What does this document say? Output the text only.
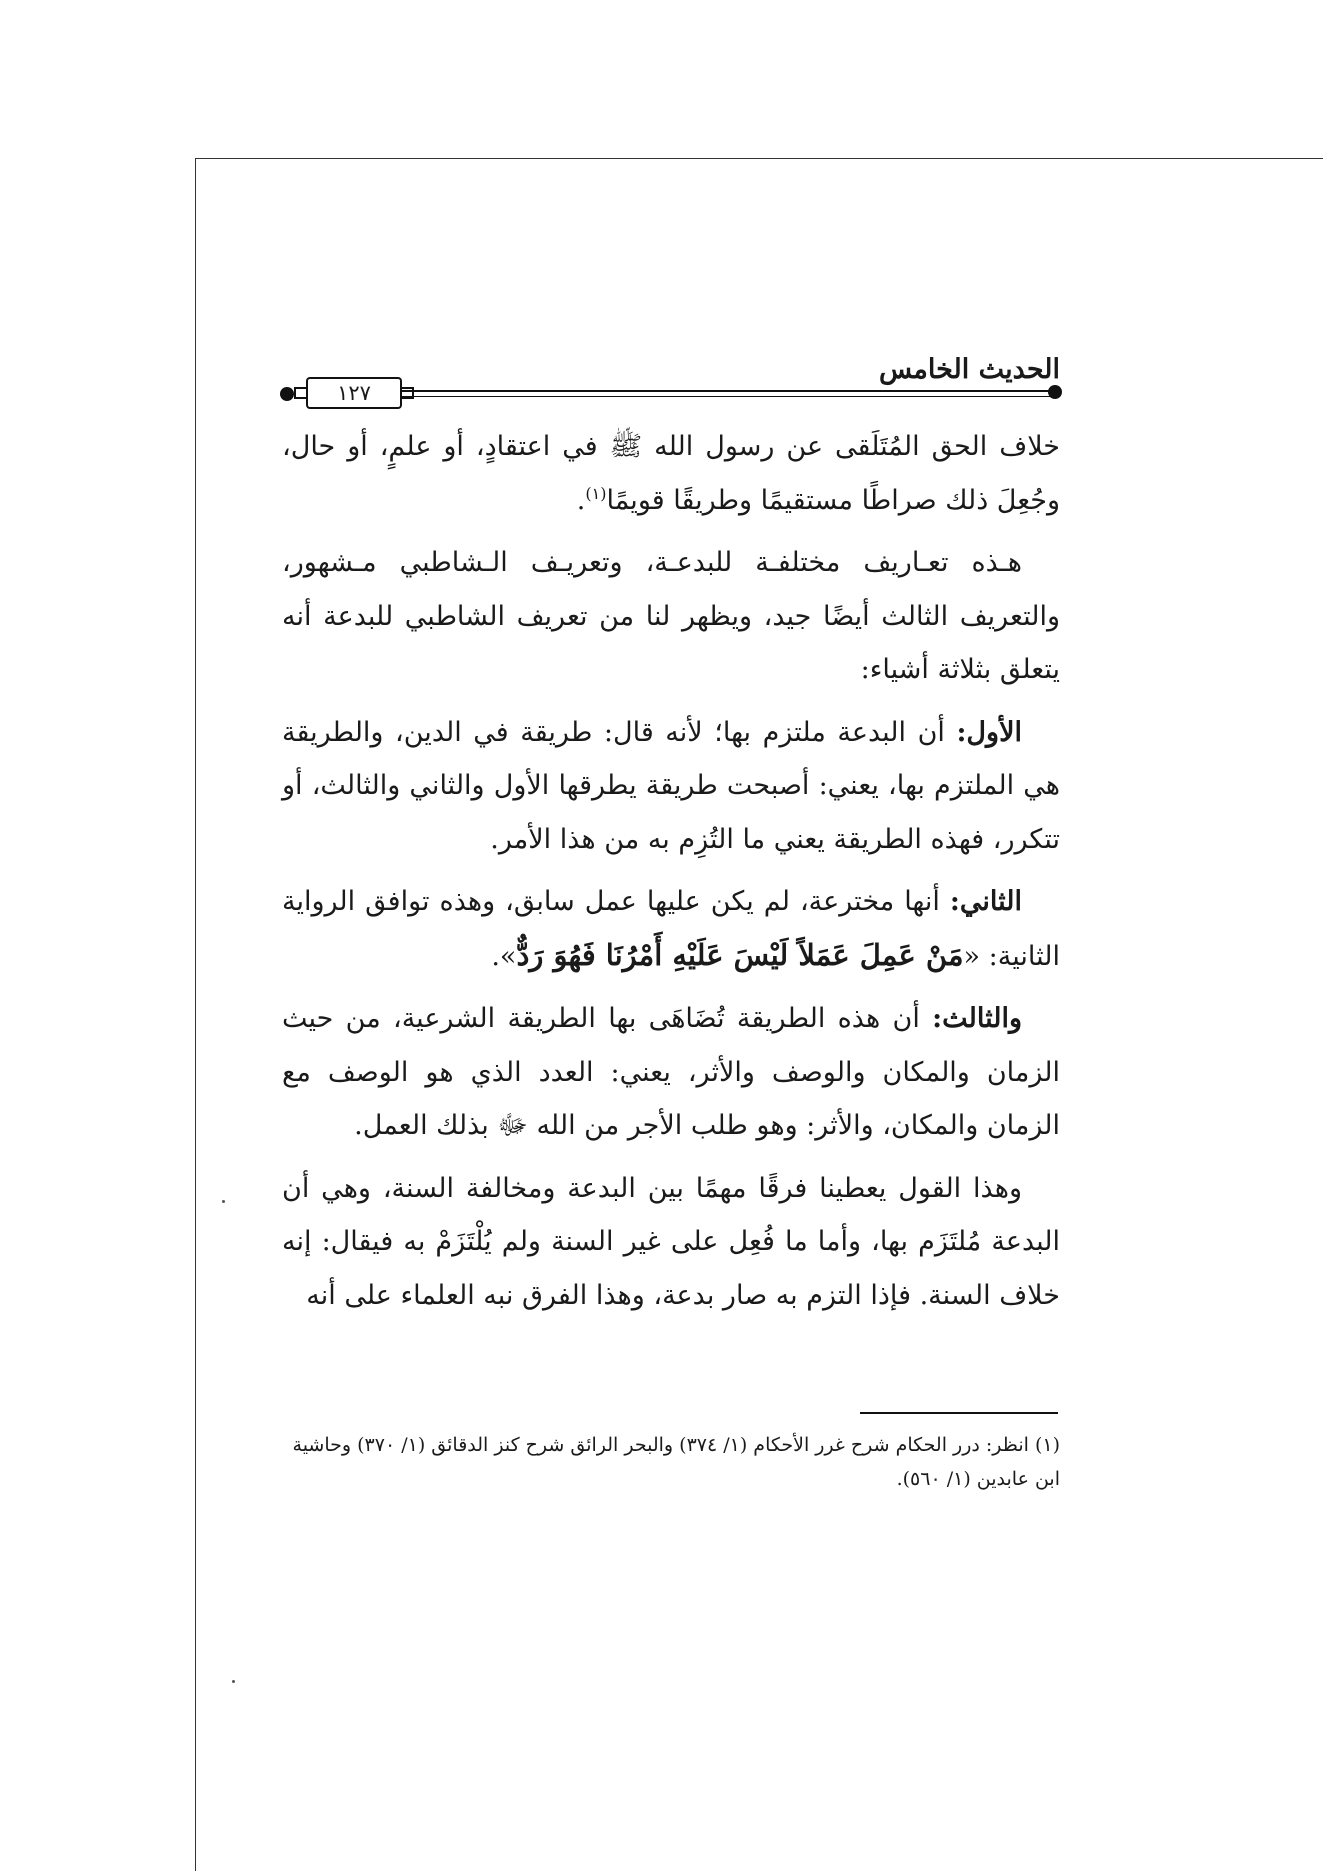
الحديث الخامس
١٢٧

خلاف الحق المُتَلَقى عن رسول الله ﷺ في اعتقادٍ، أو علمٍ، أو حال، وجُعِلَ ذلك صراطًا مستقيمًا وطريقًا قويمًا$^{(١)}$.

هـذه تعـاريف مختلفـة للبدعـة، وتعريـف الـشاطبي مـشهور، والتعريف الثالث أيضًا جيد، ويظهر لنا من تعريف الشاطبي للبدعة أنه يتعلق بثلاثة أشياء:

الأول: أن البدعة ملتزم بها؛ لأنه قال: طريقة في الدين، والطريقة هي الملتزم بها، يعني: أصبحت طريقة يطرقها الأول والثاني والثالث، أو تتكرر، فهذه الطريقة يعني ما التُزِم به من هذا الأمر.

الثاني: أنها مخترعة، لم يكن عليها عمل سابق، وهذه توافق الرواية الثانية: «مَنْ عَمِلَ عَمَلاً لَيْسَ عَلَيْهِ أَمْرُنَا فَهُوَ رَدٌّ».

والثالث: أن هذه الطريقة تُضَاهَى بها الطريقة الشرعية، من حيث الزمان والمكان والوصف والأثر، يعني: العدد الذي هو الوصف مع الزمان والمكان، والأثر: وهو طلب الأجر من الله ﷻ بذلك العمل.

وهذا القول يعطينا فرقًا مهمًا بين البدعة ومخالفة السنة، وهي أن البدعة مُلتَزَم بها، وأما ما فُعِل على غير السنة ولم يُلْتَزَمْ به فيقال: إنه خلاف السنة. فإذا التزم به صار بدعة، وهذا الفرق نبه العلماء على أنه

(١) انظر: درر الحكام شرح غرر الأحكام (١/ ٣٧٤) والبحر الرائق شرح كنز الدقائق (١/ ٣٧٠) وحاشية ابن عابدين (١/ ٥٦٠).
